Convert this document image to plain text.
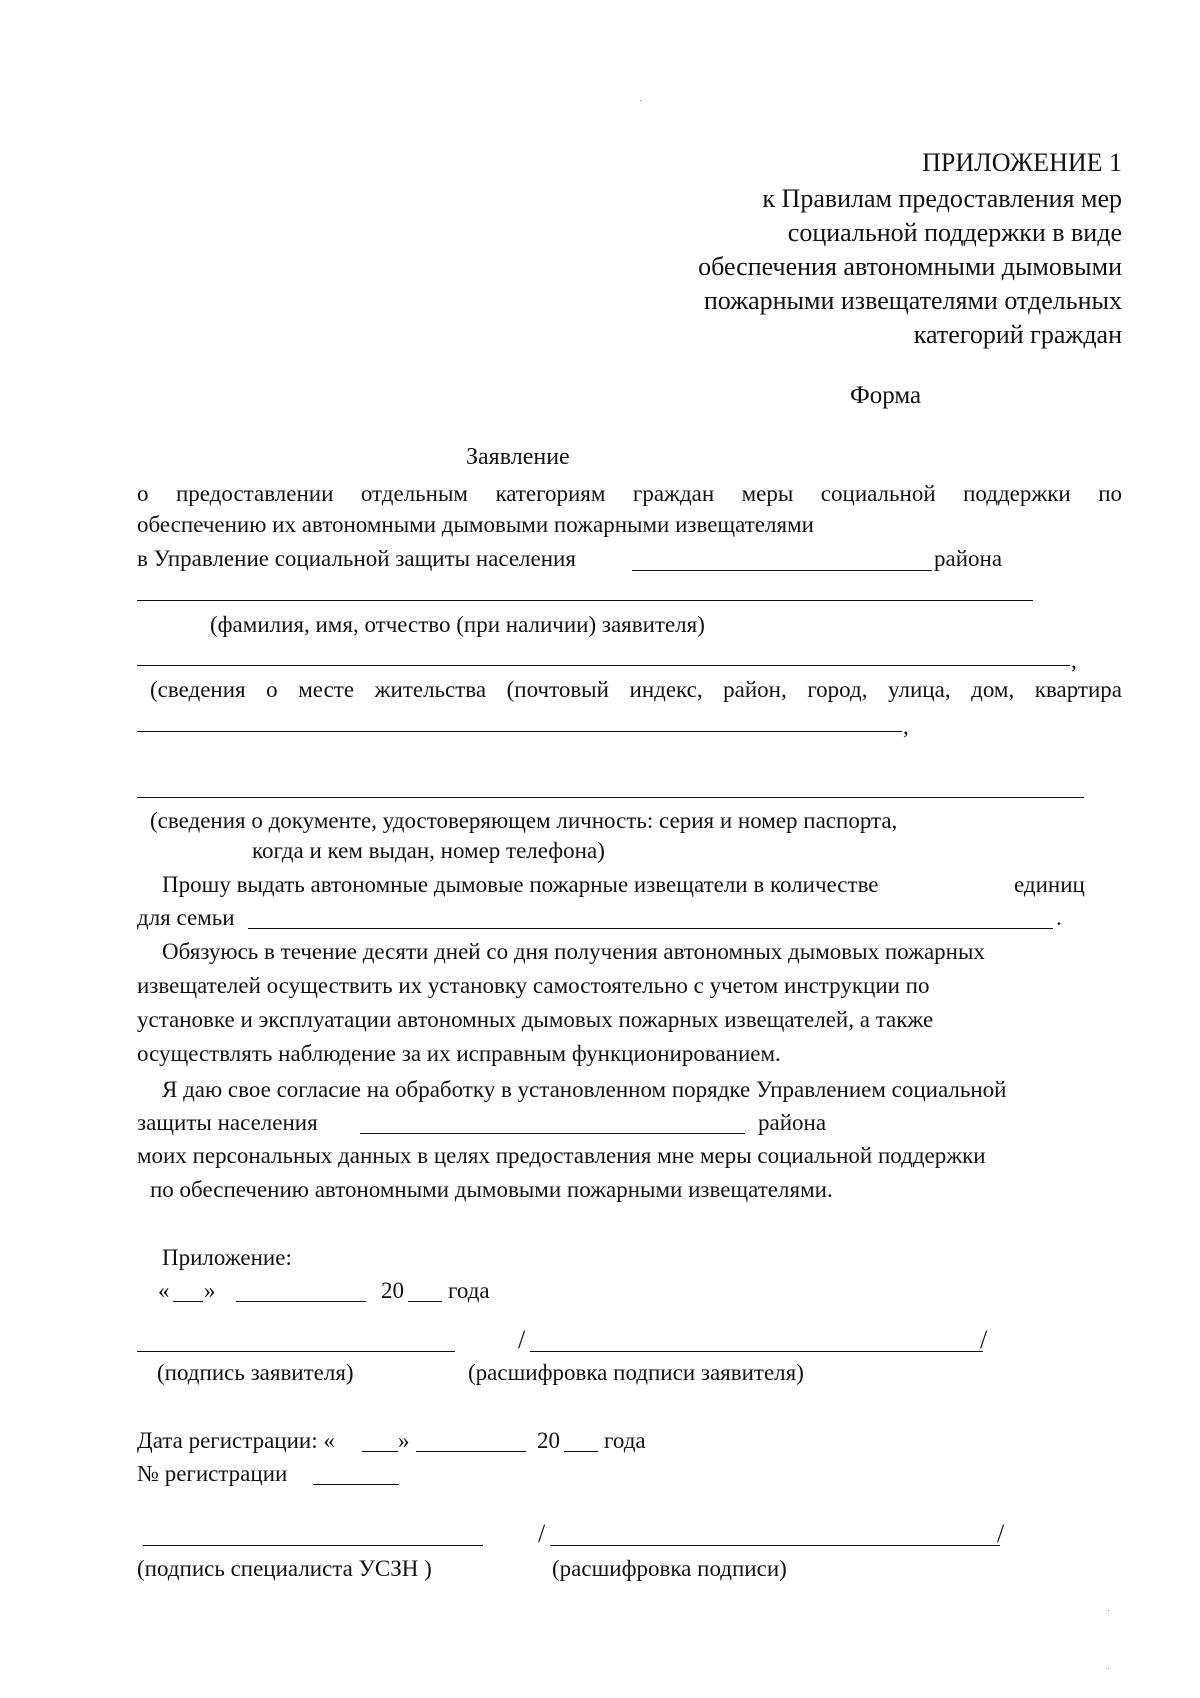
ПРИЛОЖЕНИЕ 1
к Правилам предоставления мер
социальной поддержки в виде
обеспечения автономными дымовыми
пожарными извещателями отдельных
категорий граждан
Форма
Заявление
о предоставлении отдельным категориям граждан меры социальной поддержки по
обеспечению их автономными дымовыми пожарными извещателями
в Управление социальной защиты населения	района
(фамилия, имя, отчество (при наличии) заявителя)
,
(сведения о месте жительства (почтовый индекс, район, город, улица, дом, квартира
,
(сведения о документе, удостоверяющем личность: серия и номер паспорта,
когда и кем выдан, номер телефона)
Прошу выдать автономные дымовые пожарные извещатели в количестве	единиц
для семьи	.
Обязуюсь в течение десяти дней со дня получения автономных дымовых пожарных
извещателей осуществить их установку самостоятельно с учетом инструкции по
установке и эксплуатации автономных дымовых пожарных извещателей, а также
осуществлять наблюдение за их исправным функционированием.
Я даю свое согласие на обработку в установленном порядке Управлением социальной
защиты населения	района
моих персональных данных в целях предоставления мне меры социальной поддержки
по обеспечению автономными дымовыми пожарными извещателями.
Приложение:
« »	20 года
/	/
(подпись заявителя)	(расшифровка подписи заявителя)
Дата регистрации: «	»	20 года
№ регистрации
/	/
(подпись специалиста УСЗН )	(расшифровка подписи)
